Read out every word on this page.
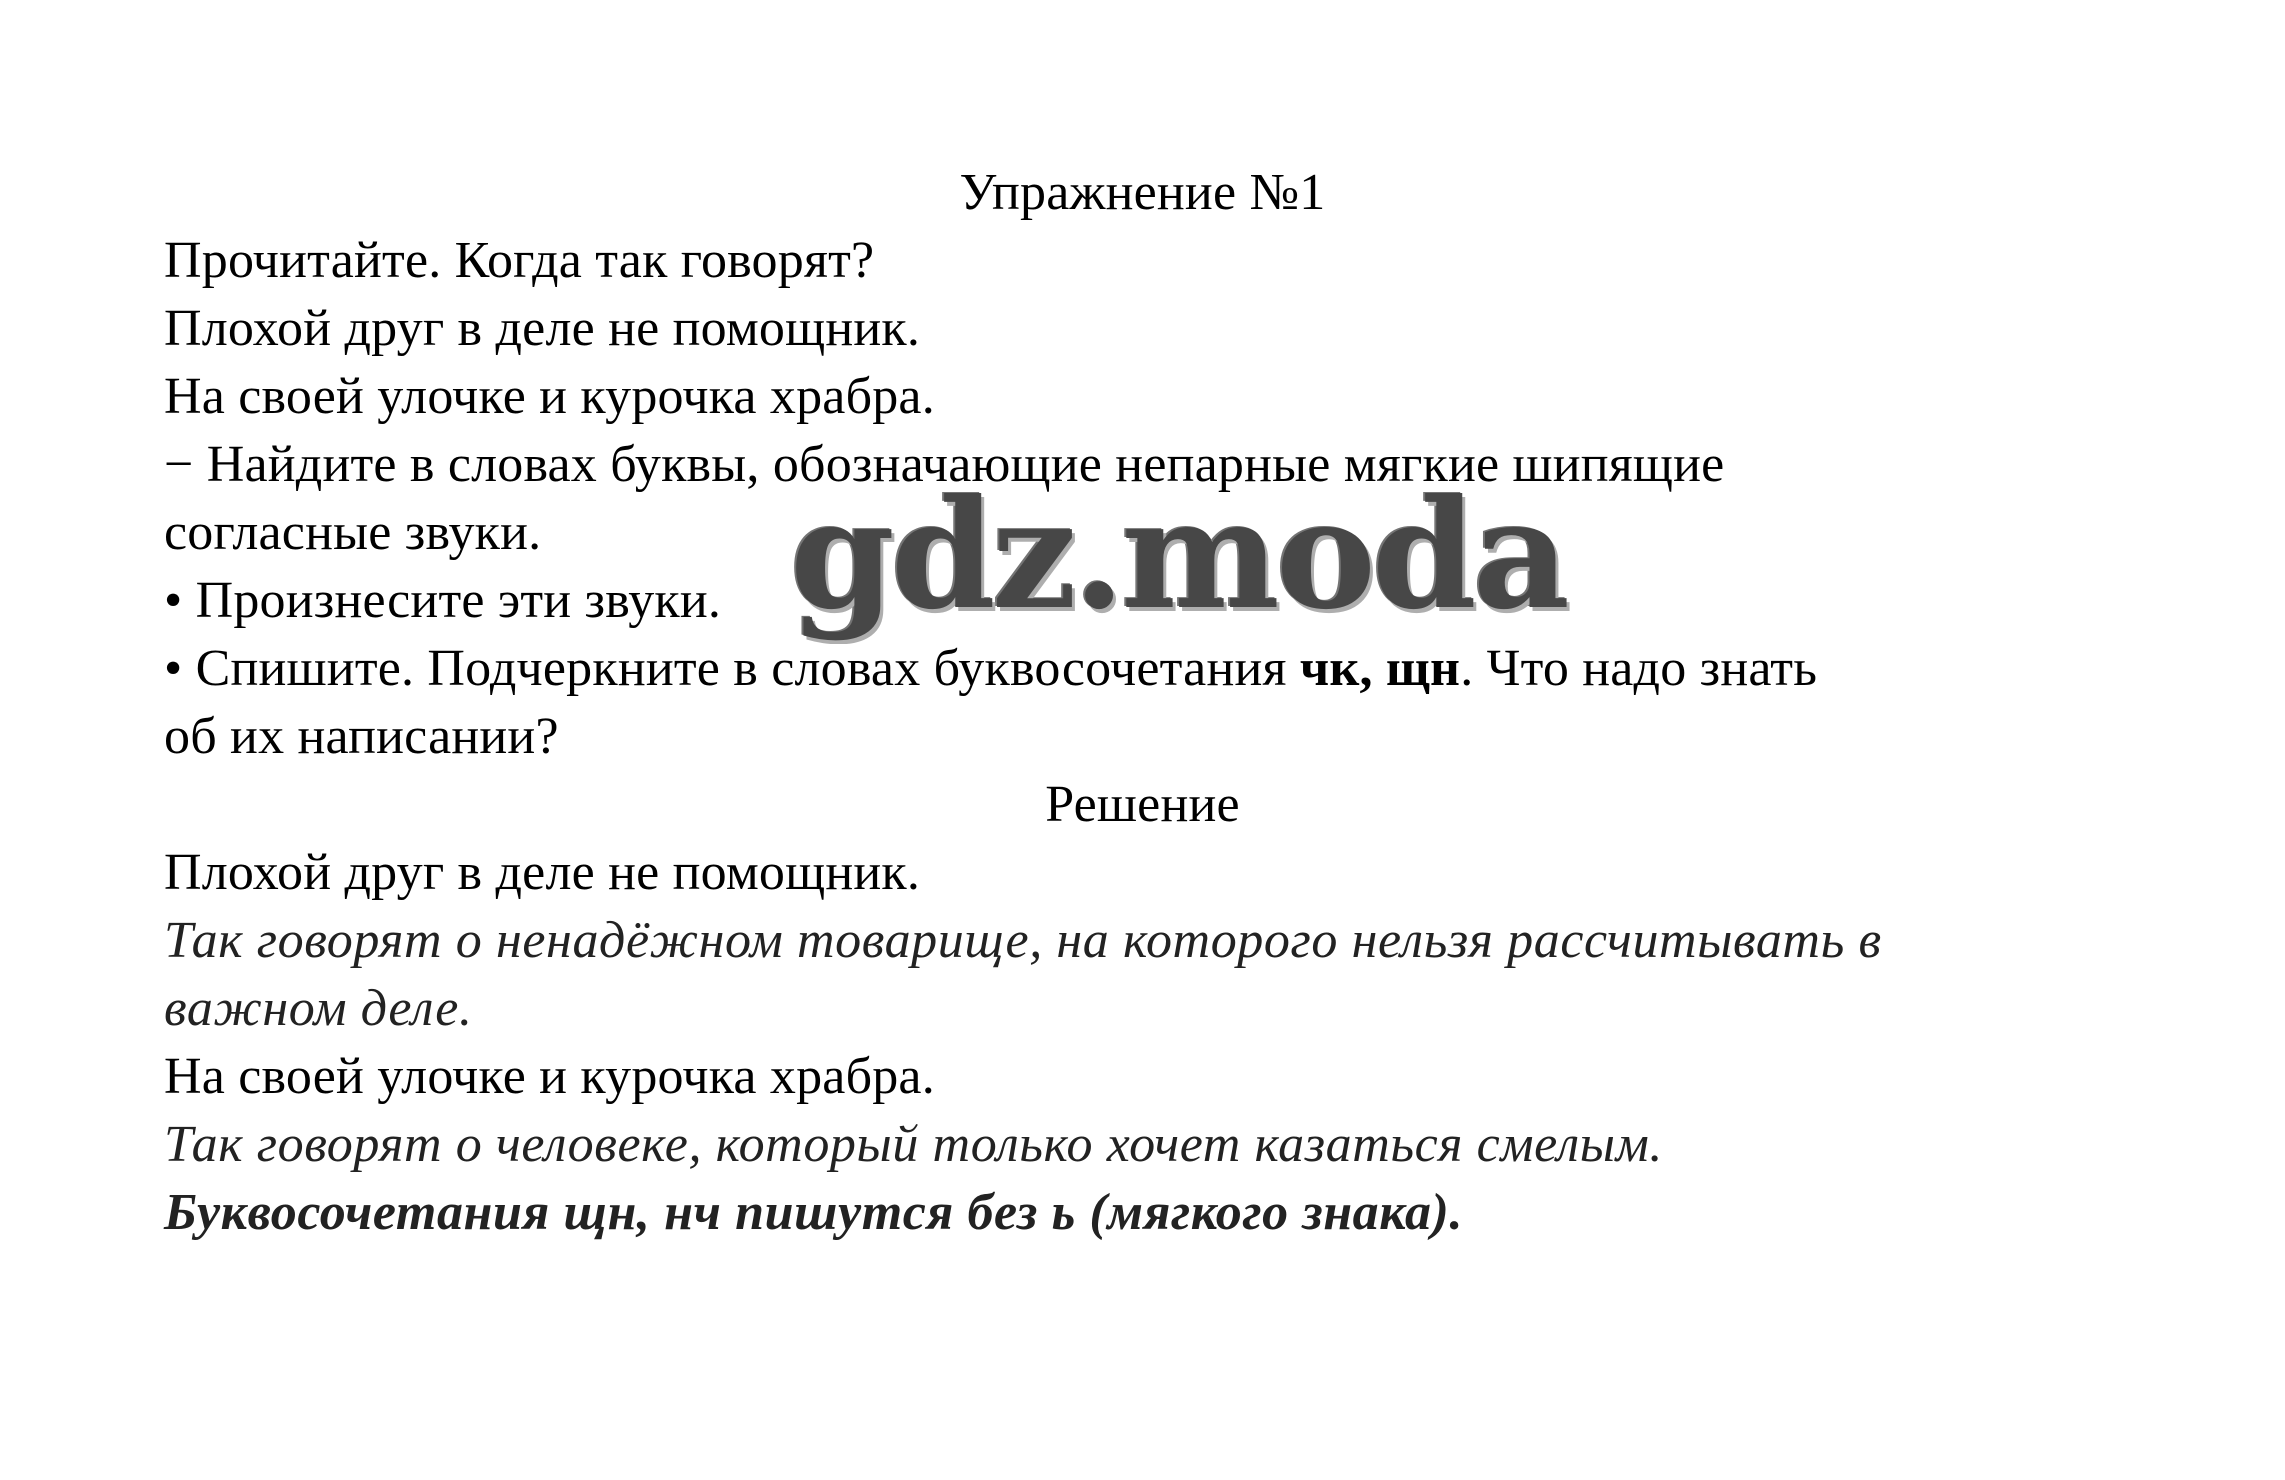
Упражнение №1
Прочитайте. Когда так говорят?
Плохой друг в деле не помощник.
На своей улочке и курочка храбра.
− Найдите в словах буквы, обозначающие непарные мягкие шипящие
согласные звуки.
• Произнесите эти звуки.
• Спишите. Подчеркните в словах буквосочетания чк, щн. Что надо знать
об их написании?
Решение
Плохой друг в деле не помощник.
Так говорят о ненадёжном товарище, на которого нельзя рассчитывать в
важном деле.
На своей улочке и курочка храбра.
Так говорят о человеке, который только хочет казаться смелым.
Буквосочетания щн, нч пишутся без ь (мягкого знака).
gdz.moda
